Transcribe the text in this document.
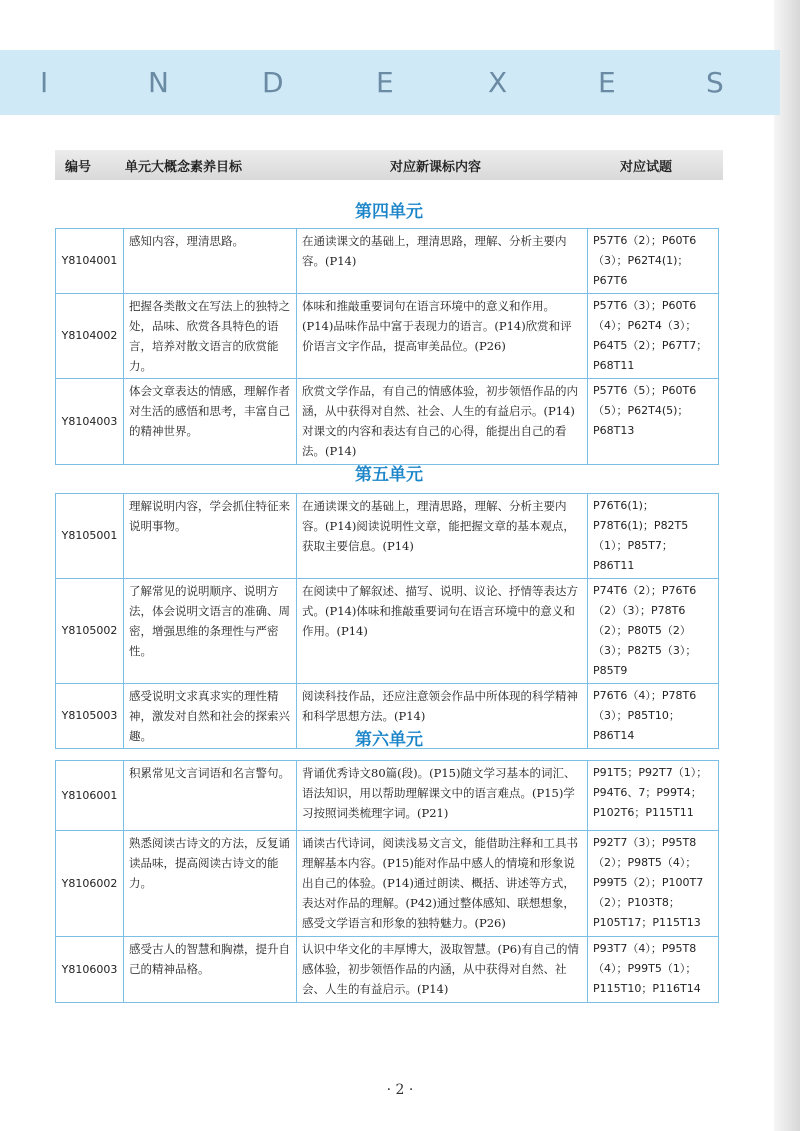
I	N	D	E	X	E	S
编号	单元大概念素养目标	对应新课标内容	对应试题
第四单元
Y8104001	感知内容，理清思路。	在通读课文的基础上，理清思路，理解、分析主要内容。(P14)	P57T6（2）；P60T6（3）；P62T4(1)；P67T6
Y8104002	把握各类散文在写法上的独特之处，品味、欣赏各具特色的语言，培养对散文语言的欣赏能力。	体味和推敲重要词句在语言环境中的意义和作用。(P14)品味作品中富于表现力的语言。(P14)欣赏和评价语言文字作品，提高审美品位。(P26)	P57T6（3）；P60T6（4）；P62T4（3）；P64T5（2）；P67T7；P68T11
Y8104003	体会文章表达的情感，理解作者对生活的感悟和思考，丰富自己的精神世界。	欣赏文学作品，有自己的情感体验，初步领悟作品的内涵，从中获得对自然、社会、人生的有益启示。(P14)对课文的内容和表达有自己的心得，能提出自己的看法。(P14)	P57T6（5）；P60T6（5）；P62T4(5)；P68T13
第五单元
Y8105001	理解说明内容，学会抓住特征来说明事物。	在通读课文的基础上，理清思路，理解、分析主要内容。(P14)阅读说明性文章，能把握文章的基本观点，获取主要信息。(P14)	P76T6(1)；P78T6(1)；P82T5（1）；P85T7；P86T11
Y8105002	了解常见的说明顺序、说明方法，体会说明文语言的准确、周密，增强思维的条理性与严密性。	在阅读中了解叙述、描写、说明、议论、抒情等表达方式。(P14)体味和推敲重要词句在语言环境中的意义和作用。(P14)	P74T6（2）；P76T6（2）（3）；P78T6（2）；P80T5（2）（3）；P82T5（3）；P85T9
Y8105003	感受说明文求真求实的理性精神，激发对自然和社会的探索兴趣。	阅读科技作品，还应注意领会作品中所体现的科学精神和科学思想方法。(P14)	P76T6（4）；P78T6（3）；P85T10；P86T14
第六单元
Y8106001	积累常见文言词语和名言警句。	背诵优秀诗文80篇(段)。(P15)随文学习基本的词汇、语法知识，用以帮助理解课文中的语言难点。(P15)学习按照词类梳理字词。(P21)	P91T5；P92T7（1）；P94T6、7；P99T4；P102T6；P115T11
Y8106002	熟悉阅读古诗文的方法，反复诵读品味，提高阅读古诗文的能力。	诵读古代诗词，阅读浅易文言文，能借助注释和工具书理解基本内容。(P15)能对作品中感人的情境和形象说出自己的体验。(P14)通过朗读、概括、讲述等方式，表达对作品的理解。(P42)通过整体感知、联想想象，感受文学语言和形象的独特魅力。(P26)	P92T7（3）；P95T8（2）；P98T5（4）；P99T5（2）；P100T7（2）；P103T8；P105T17；P115T13
Y8106003	感受古人的智慧和胸襟，提升自己的精神品格。	认识中华文化的丰厚博大，汲取智慧。(P6)有自己的情感体验，初步领悟作品的内涵，从中获得对自然、社会、人生的有益启示。(P14)	P93T7（4）；P95T8（4）；P99T5（1）；P115T10；P116T14
· 2 ·
